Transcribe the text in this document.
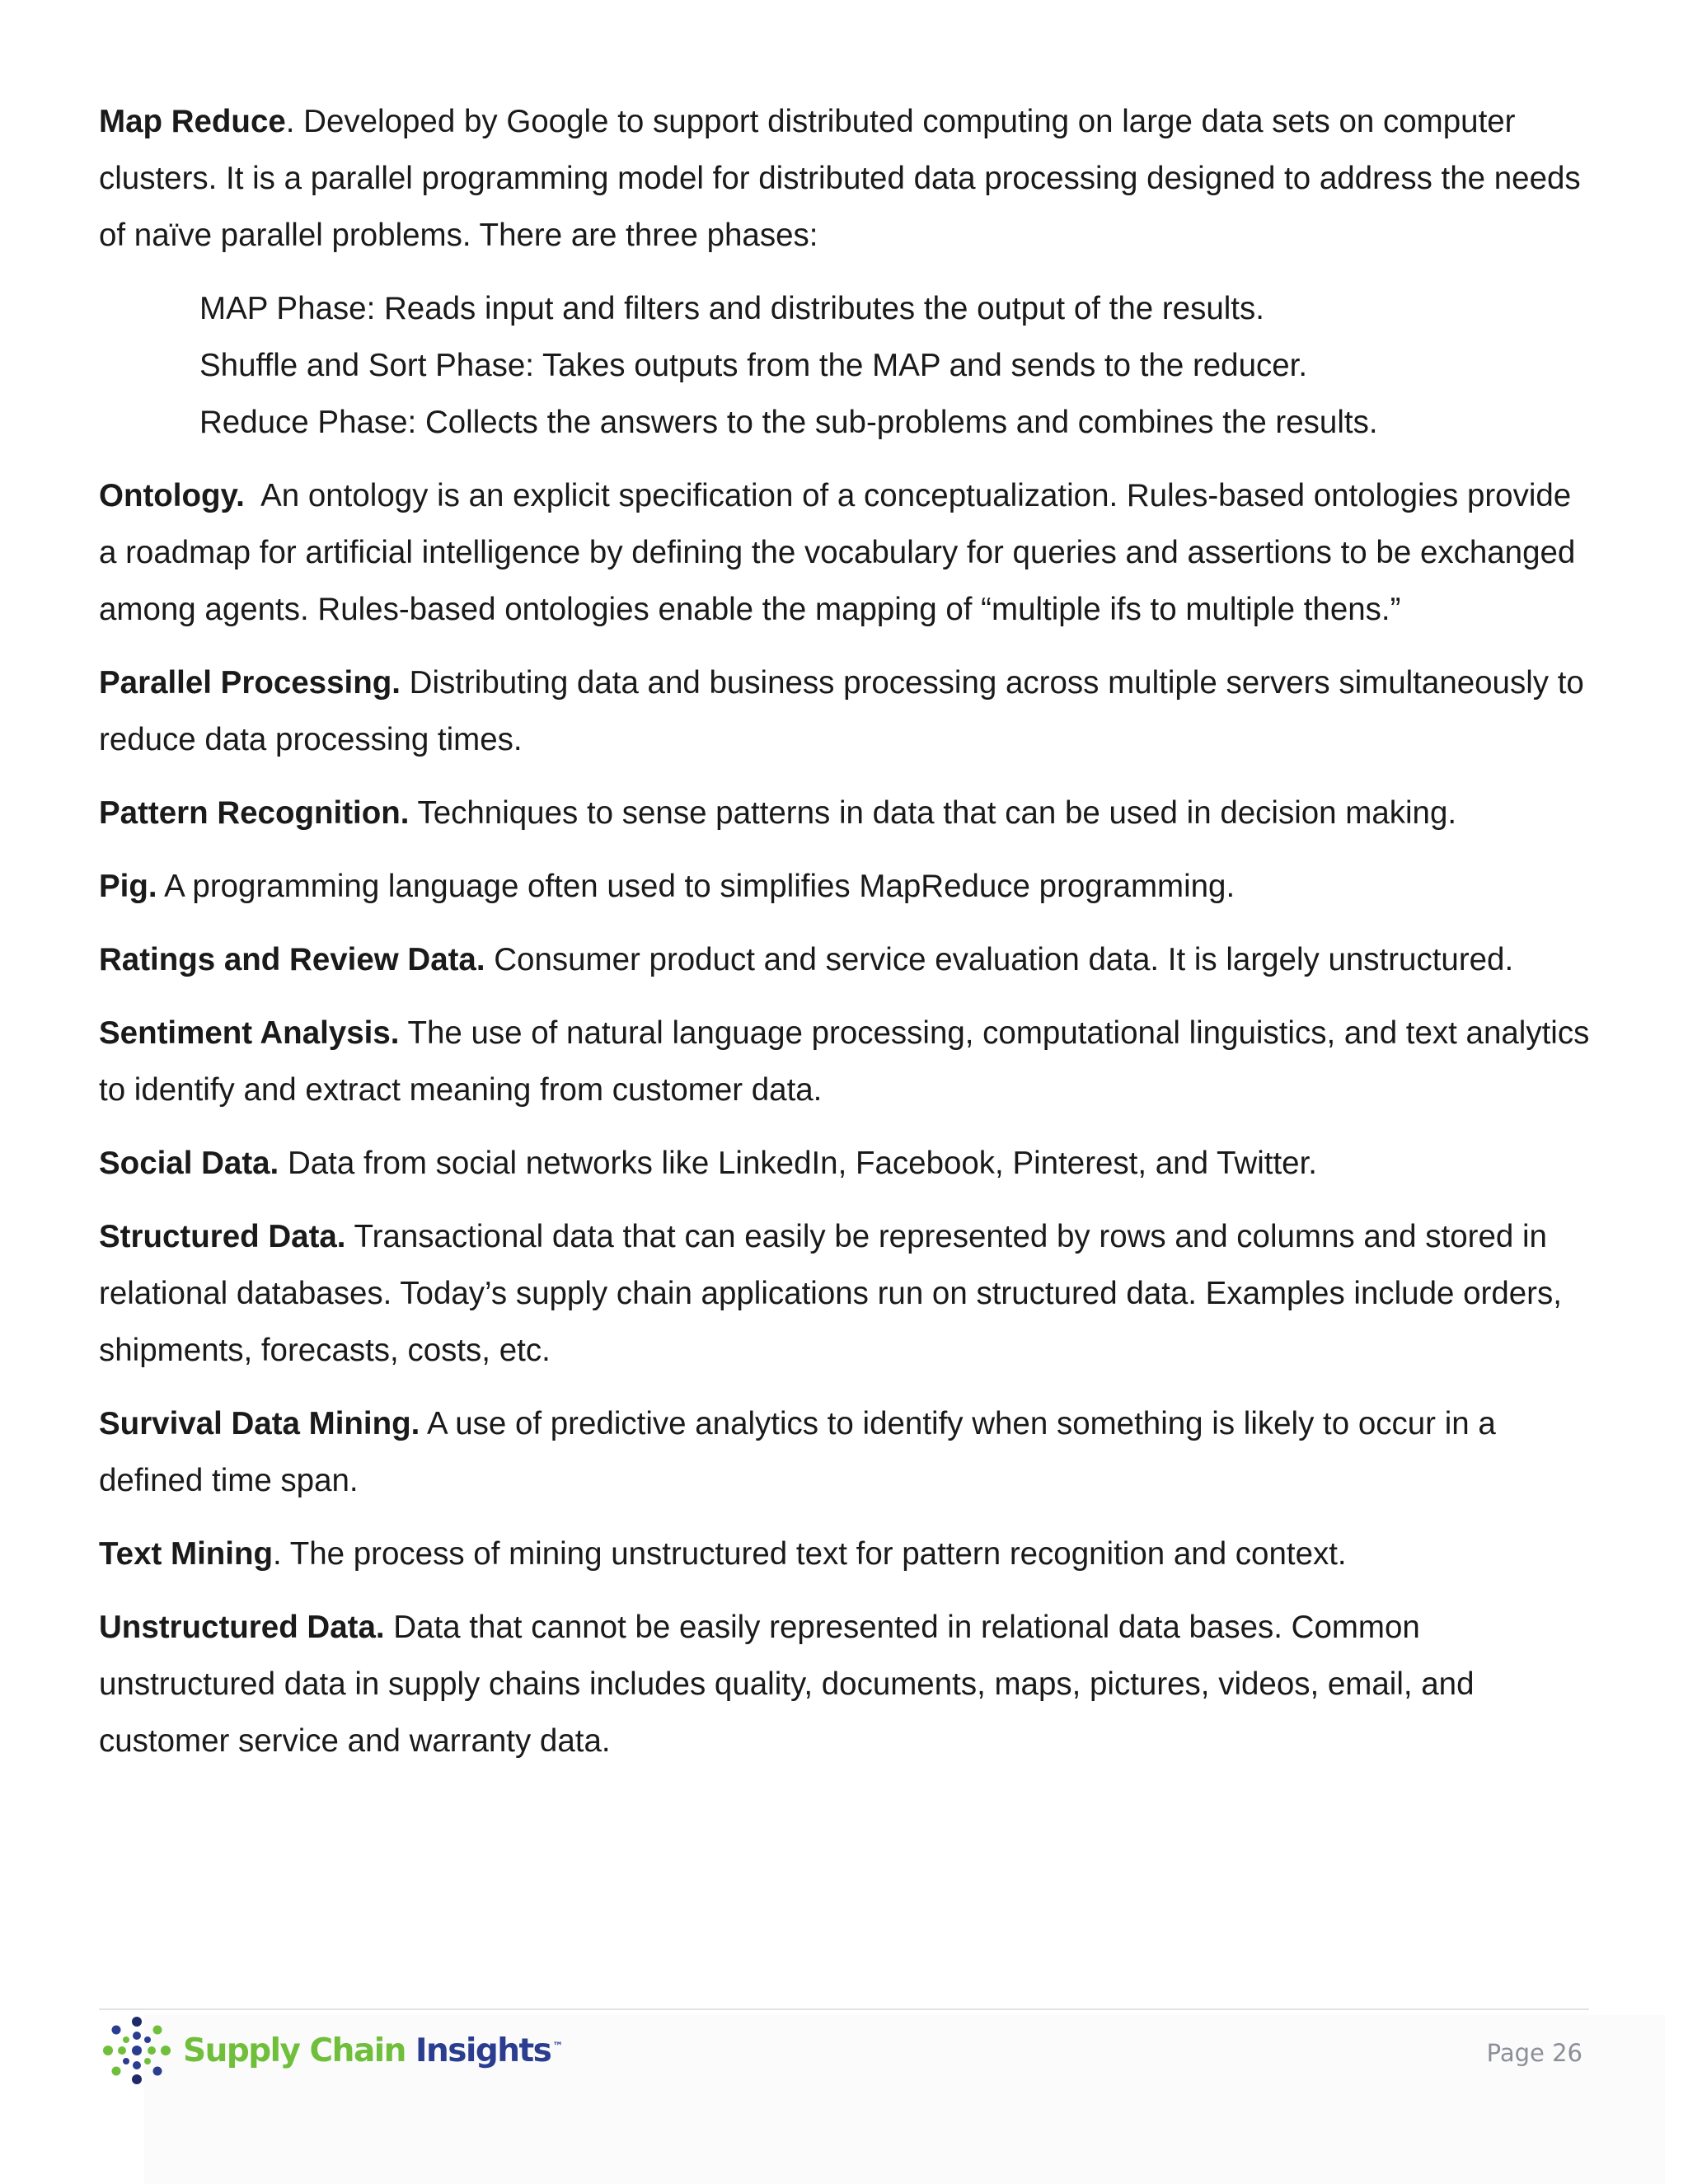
Map Reduce. Developed by Google to support distributed computing on large data sets on computer clusters. It is a parallel programming model for distributed data processing designed to address the needs of naïve parallel problems. There are three phases:

MAP Phase: Reads input and filters and distributes the output of the results.
Shuffle and Sort Phase: Takes outputs from the MAP and sends to the reducer.
Reduce Phase: Collects the answers to the sub-problems and combines the results.

Ontology.  An ontology is an explicit specification of a conceptualization. Rules-based ontologies provide a roadmap for artificial intelligence by defining the vocabulary for queries and assertions to be exchanged among agents. Rules-based ontologies enable the mapping of “multiple ifs to multiple thens.”

Parallel Processing. Distributing data and business processing across multiple servers simultaneously to reduce data processing times.

Pattern Recognition. Techniques to sense patterns in data that can be used in decision making.

Pig. A programming language often used to simplifies MapReduce programming.

Ratings and Review Data. Consumer product and service evaluation data. It is largely unstructured.

Sentiment Analysis. The use of natural language processing, computational linguistics, and text analytics to identify and extract meaning from customer data.

Social Data. Data from social networks like LinkedIn, Facebook, Pinterest, and Twitter.

Structured Data. Transactional data that can easily be represented by rows and columns and stored in relational databases. Today’s supply chain applications run on structured data. Examples include orders, shipments, forecasts, costs, etc.

Survival Data Mining. A use of predictive analytics to identify when something is likely to occur in a defined time span.

Text Mining. The process of mining unstructured text for pattern recognition and context.

Unstructured Data. Data that cannot be easily represented in relational data bases. Common unstructured data in supply chains includes quality, documents, maps, pictures, videos, email, and customer service and warranty data.

Supply Chain Insights ™	Page 26
